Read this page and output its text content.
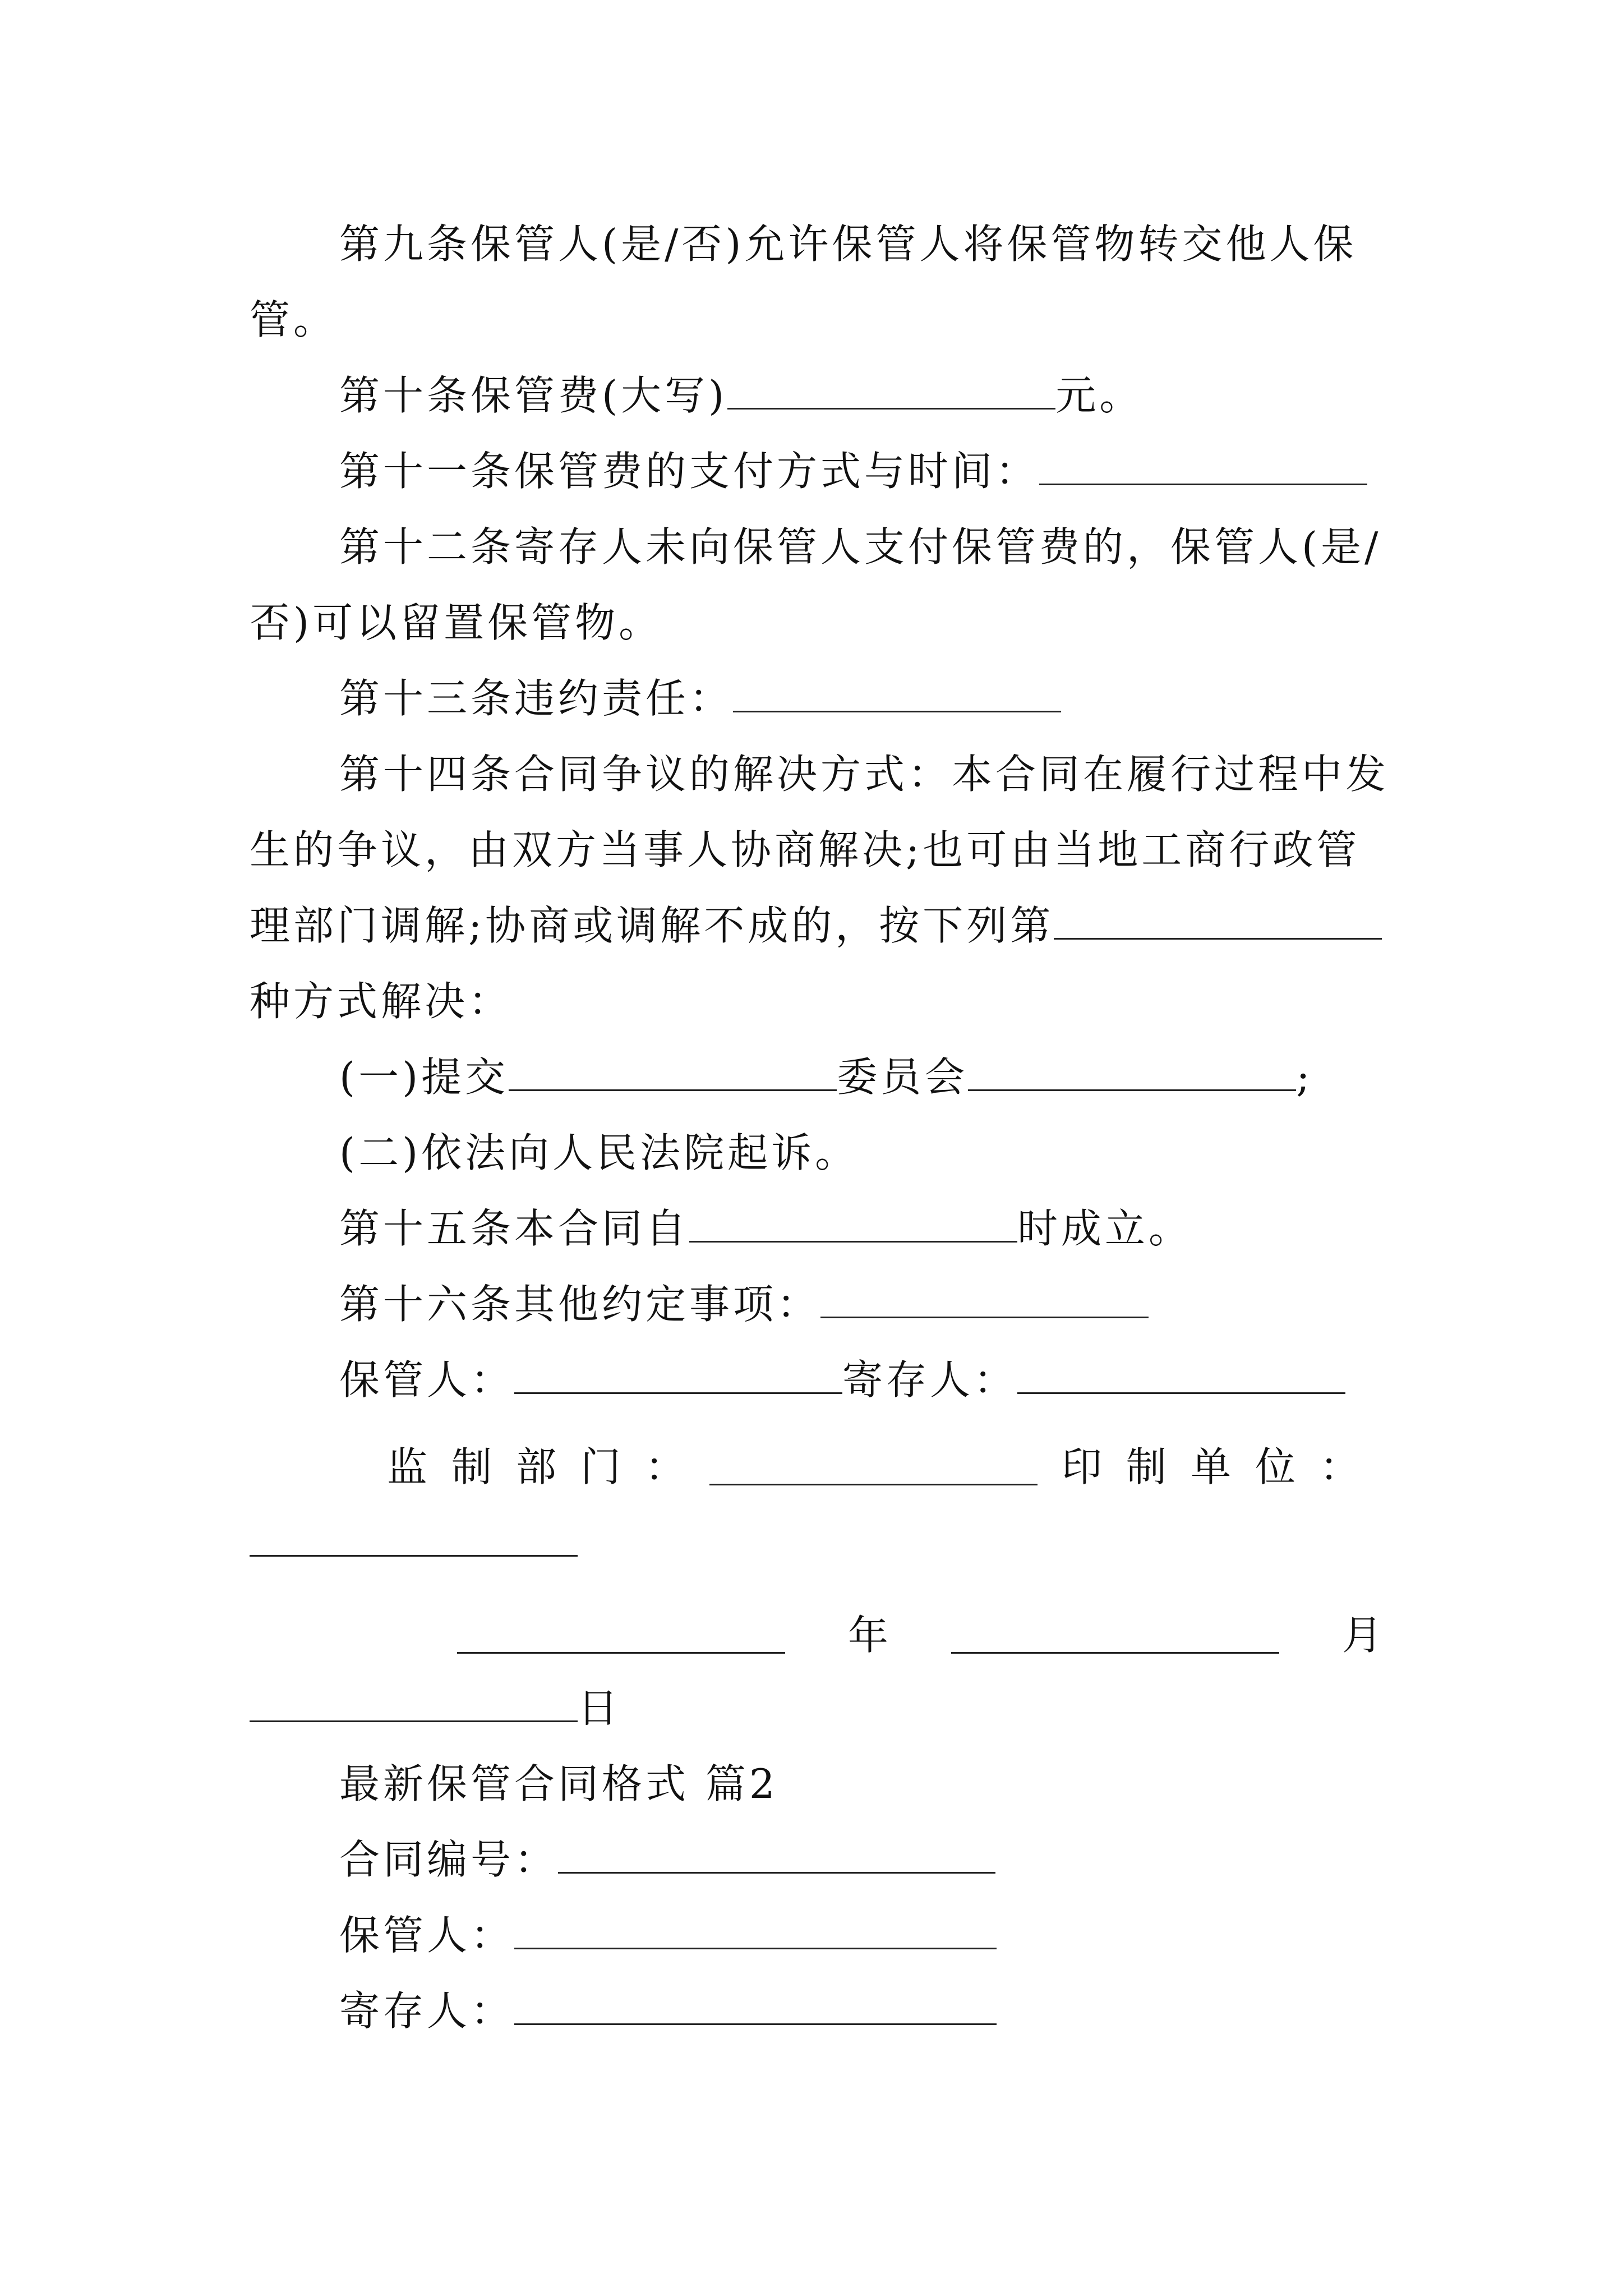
第九条保管人(是/否)允许保管人将保管物转交他人保
管。
第十条保管费(大写)	元。
第十一条保管费的支付方式与时间：
第十二条寄存人未向保管人支付保管费的，保管人(是/
否)可以留置保管物。
第十三条违约责任：
第十四条合同争议的解决方式：本合同在履行过程中发
生的争议，由双方当事人协商解决;也可由当地工商行政管
理部门调解;协商或调解不成的，按下列第
种方式解决：
(一)提交	委员会	;
(二)依法向人民法院起诉。
第十五条本合同自	时成立。
第十六条其他约定事项：
保管人：	寄存人：
监 制 部 门 ：	印 制 单 位 ：
年	月
日
最新保管合同格式 篇2
合同编号：
保管人：
寄存人：
